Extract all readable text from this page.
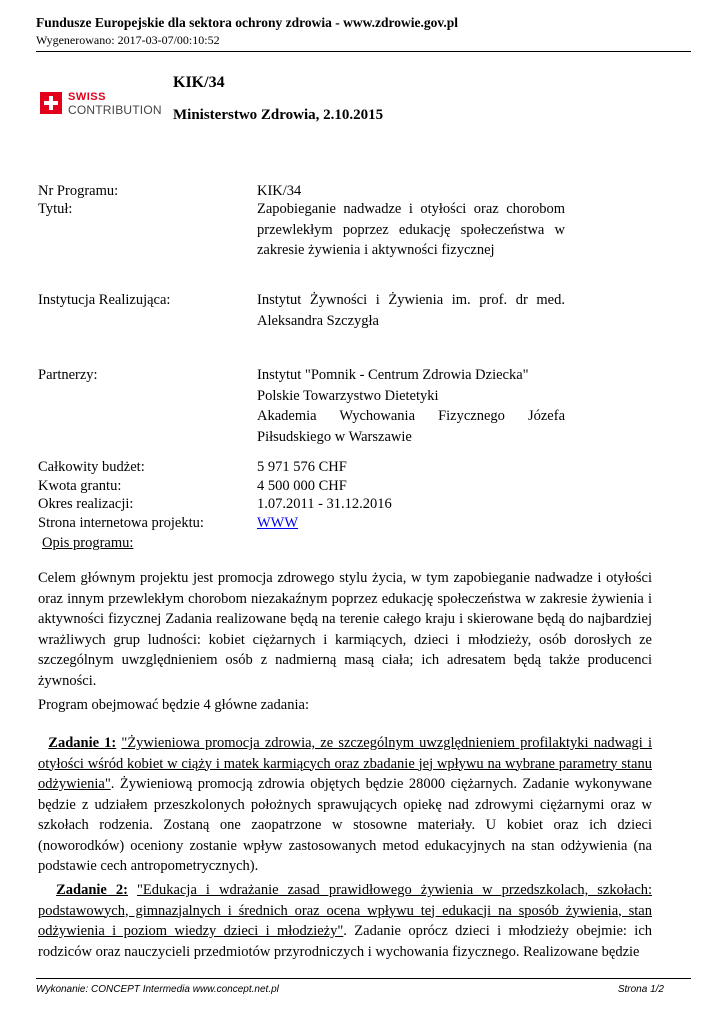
Fundusze Europejskie dla sektora ochrony zdrowia - www.zdrowie.gov.pl
Wygenerowano: 2017-03-07/00:10:52
SWISS
CONTRIBUTION
KIK/34
Ministerstwo Zdrowia, 2.10.2015
Nr Programu:	KIK/34
Tytuł:	Zapobieganie nadwadze i otyłości oraz chorobom przewlekłym poprzez edukację społeczeństwa w zakresie żywienia i aktywności fizycznej
Instytucja Realizująca:	Instytut Żywności i Żywienia im. prof. dr med. Aleksandra Szczygła
Partnerzy:	Instytut "Pomnik - Centrum Zdrowia Dziecka"
Polskie Towarzystwo Dietetyki
Akademia Wychowania Fizycznego Józefa Piłsudskiego w Warszawie
Całkowity budżet:	5 971 576 CHF
Kwota grantu:	4 500 000 CHF
Okres realizacji:	1.07.2011 - 31.12.2016
Strona internetowa projektu:	WWW
Opis programu:
Celem głównym projektu jest promocja zdrowego stylu życia, w tym zapobieganie nadwadze i otyłości oraz innym przewlekłym chorobom niezakaźnym poprzez edukację społeczeństwa w zakresie żywienia i aktywności fizycznej Zadania realizowane będą na terenie całego kraju i skierowane będą do najbardziej wrażliwych grup ludności: kobiet ciężarnych i karmiących, dzieci i młodzieży, osób dorosłych ze szczególnym uwzględnieniem osób z nadmierną masą ciała; ich adresatem będą także producenci żywności.
Program obejmować będzie 4 główne zadania:
Zadanie 1: "Żywieniowa promocja zdrowia, ze szczególnym uwzględnieniem profilaktyki nadwagi i otyłości wśród kobiet w ciąży i matek karmiących oraz zbadanie jej wpływu na wybrane parametry stanu odżywienia". Żywieniową promocją zdrowia objętych będzie 28000 ciężarnych. Zadanie wykonywane będzie z udziałem przeszkolonych położnych sprawujących opiekę nad zdrowymi ciężarnymi oraz w szkołach rodzenia. Zostaną one zaopatrzone w stosowne materiały. U kobiet oraz ich dzieci (noworodków) oceniony zostanie wpływ zastosowanych metod edukacyjnych na stan odżywienia (na podstawie cech antropometrycznych).
Zadanie 2: "Edukacja i wdrażanie zasad prawidłowego żywienia w przedszkolach, szkołach: podstawowych, gimnazjalnych i średnich oraz ocena wpływu tej edukacji na sposób żywienia, stan odżywienia i poziom wiedzy dzieci i młodzieży". Zadanie oprócz dzieci i młodzieży obejmie: ich rodziców oraz nauczycieli przedmiotów przyrodniczych i wychowania fizycznego. Realizowane będzie
Wykonanie: CONCEPT Intermedia www.concept.net.pl	Strona 1/2
